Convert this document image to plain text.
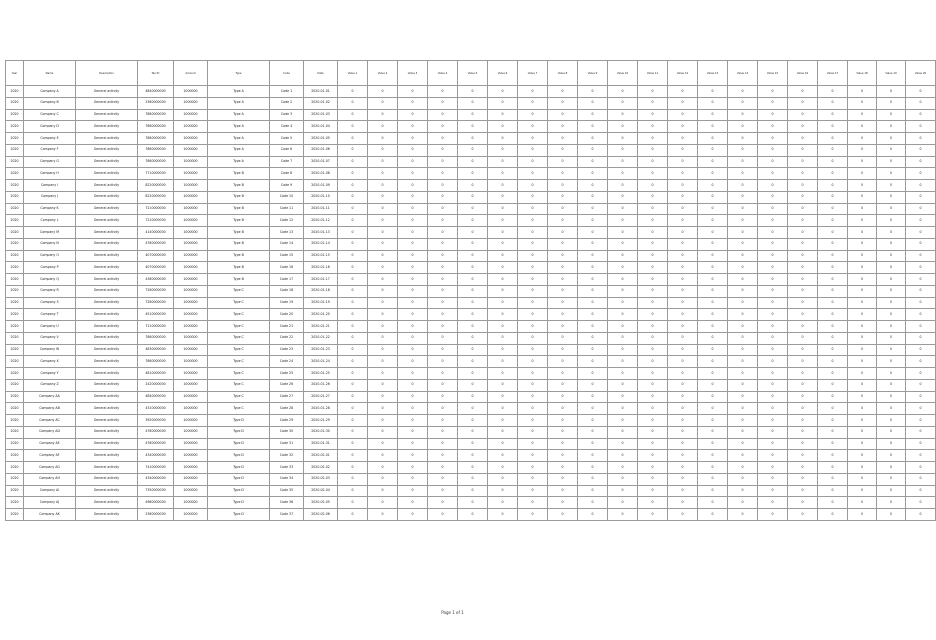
Year	Name	Description	Tax ID	Amount	Type	Code	Date	Value 1	Value 2	Value 3	Value 4	Value 5	Value 6	Value 7	Value 8	Value 9	Value 10	Value 11	Value 12	Value 13	Value 14	Value 15	Value 16	Value 17	Value 18	Value 19	Value 20
2020	Company A	General activity	4840000000	1000000	Type A	Code 1	2020-01-01	0	0	0	0	0	0	0	0	0	0	0	0	0	0	0	0	0	0	0	0
2020	Company B	General activity	2360000000	1000000	Type A	Code 2	2020-01-02	0	0	0	0	0	0	0	0	0	0	0	0	0	0	0	0	0	0	0	0
2020	Company C	General activity	7860000000	1000000	Type A	Code 3	2020-01-03	0	0	0	0	0	0	0	0	0	0	0	0	0	0	0	0	0	0	0	0
2020	Company D	General activity	7860000000	1000000	Type A	Code 4	2020-01-04	0	0	0	0	0	0	0	0	0	0	0	0	0	0	0	0	0	0	0	0
2020	Company E	General activity	7860000000	1000000	Type A	Code 5	2020-01-05	0	0	0	0	0	0	0	0	0	0	0	0	0	0	0	0	0	0	0	0
2020	Company F	General activity	7860000000	1000000	Type A	Code 6	2020-01-06	0	0	0	0	0	0	0	0	0	0	0	0	0	0	0	0	0	0	0	0
2020	Company G	General activity	7860000000	1000000	Type A	Code 7	2020-01-07	0	0	0	0	0	0	0	0	0	0	0	0	0	0	0	0	0	0	0	0
2020	Company H	General activity	7710000000	1000000	Type B	Code 8	2020-01-08	0	0	0	0	0	0	0	0	0	0	0	0	0	0	0	0	0	0	0	0
2020	Company I	General activity	8220000000	1000000	Type B	Code 9	2020-01-09	0	0	0	0	0	0	0	0	0	0	0	0	0	0	0	0	0	0	0	0
2020	Company J	General activity	8220000000	1000000	Type B	Code 10	2020-01-10	0	0	0	0	0	0	0	0	0	0	0	0	0	0	0	0	0	0	0	0
2020	Company K	General activity	7210000000	1000000	Type B	Code 11	2020-01-11	0	0	0	0	0	0	0	0	0	0	0	0	0	0	0	0	0	0	0	0
2020	Company L	General activity	7210000000	1000000	Type B	Code 12	2020-01-12	0	0	0	0	0	0	0	0	0	0	0	0	0	0	0	0	0	0	0	0
2020	Company M	General activity	4140000000	1000000	Type B	Code 13	2020-01-13	0	0	0	0	0	0	0	0	0	0	0	0	0	0	0	0	0	0	0	0
2020	Company N	General activity	4780000000	1000000	Type B	Code 14	2020-01-14	0	0	0	0	0	0	0	0	0	0	0	0	0	0	0	0	0	0	0	0
2020	Company O	General activity	4070000000	1000000	Type B	Code 15	2020-01-15	0	0	0	0	0	0	0	0	0	0	0	0	0	0	0	0	0	0	0	0
2020	Company P	General activity	4070000000	1000000	Type B	Code 16	2020-01-16	0	0	0	0	0	0	0	0	0	0	0	0	0	0	0	0	0	0	0	0
2020	Company Q	General activity	4360000000	1000000	Type B	Code 17	2020-01-17	0	0	0	0	0	0	0	0	0	0	0	0	0	0	0	0	0	0	0	0
2020	Company R	General activity	7260000000	1000000	Type C	Code 18	2020-01-18	0	0	0	0	0	0	0	0	0	0	0	0	0	0	0	0	0	0	0	0
2020	Company S	General activity	7260000000	1000000	Type C	Code 19	2020-01-19	0	0	0	0	0	0	0	0	0	0	0	0	0	0	0	0	0	0	0	0
2020	Company T	General activity	4510000000	1000000	Type C	Code 20	2020-01-20	0	0	0	0	0	0	0	0	0	0	0	0	0	0	0	0	0	0	0	0
2020	Company U	General activity	7110000000	1000000	Type C	Code 21	2020-01-21	0	0	0	0	0	0	0	0	0	0	0	0	0	0	0	0	0	0	0	0
2020	Company V	General activity	7860000000	1000000	Type C	Code 22	2020-01-22	0	0	0	0	0	0	0	0	0	0	0	0	0	0	0	0	0	0	0	0
2020	Company W	General activity	4830000000	1000000	Type C	Code 23	2020-01-23	0	0	0	0	0	0	0	0	0	0	0	0	0	0	0	0	0	0	0	0
2020	Company X	General activity	7860000000	1000000	Type C	Code 24	2020-01-24	0	0	0	0	0	0	0	0	0	0	0	0	0	0	0	0	0	0	0	0
2020	Company Y	General activity	4810000000	1000000	Type C	Code 25	2020-01-25	0	0	0	0	0	0	0	0	0	0	0	0	0	0	0	0	0	0	0	0
2020	Company Z	General activity	2420000000	1000000	Type C	Code 26	2020-01-26	0	0	0	0	0	0	0	0	0	0	0	0	0	0	0	0	0	0	0	0
2020	Company AA	General activity	4840000000	1000000	Type C	Code 27	2020-01-27	0	0	0	0	0	0	0	0	0	0	0	0	0	0	0	0	0	0	0	0
2020	Company AB	General activity	4310000000	1000000	Type C	Code 28	2020-01-28	0	0	0	0	0	0	0	0	0	0	0	0	0	0	0	0	0	0	0	0
2020	Company AC	General activity	3920000000	1000000	Type D	Code 29	2020-01-29	0	0	0	0	0	0	0	0	0	0	0	0	0	0	0	0	0	0	0	0
2020	Company AD	General activity	4760000000	1000000	Type D	Code 30	2020-01-30	0	0	0	0	0	0	0	0	0	0	0	0	0	0	0	0	0	0	0	0
2020	Company AE	General activity	4760000000	1000000	Type D	Code 31	2020-01-31	0	0	0	0	0	0	0	0	0	0	0	0	0	0	0	0	0	0	0	0
2020	Company AF	General activity	4340000000	1000000	Type D	Code 32	2020-02-01	0	0	0	0	0	0	0	0	0	0	0	0	0	0	0	0	0	0	0	0
2020	Company AG	General activity	7410000000	1000000	Type D	Code 33	2020-02-02	0	0	0	0	0	0	0	0	0	0	0	0	0	0	0	0	0	0	0	0
2020	Company AH	General activity	4340000000	1000000	Type D	Code 34	2020-02-03	0	0	0	0	0	0	0	0	0	0	0	0	0	0	0	0	0	0	0	0
2020	Company AI	General activity	7350000000	1000000	Type D	Code 35	2020-02-04	0	0	0	0	0	0	0	0	0	0	0	0	0	0	0	0	0	0	0	0
2020	Company AJ	General activity	4980000000	1000000	Type D	Code 36	2020-02-05	0	0	0	0	0	0	0	0	0	0	0	0	0	0	0	0	0	0	0	0
2020	Company AK	General activity	2360000000	1000000	Type D	Code 37	2020-02-06	0	0	0	0	0	0	0	0	0	0	0	0	0	0	0	0	0	0	0	0
Page 1 of 1
